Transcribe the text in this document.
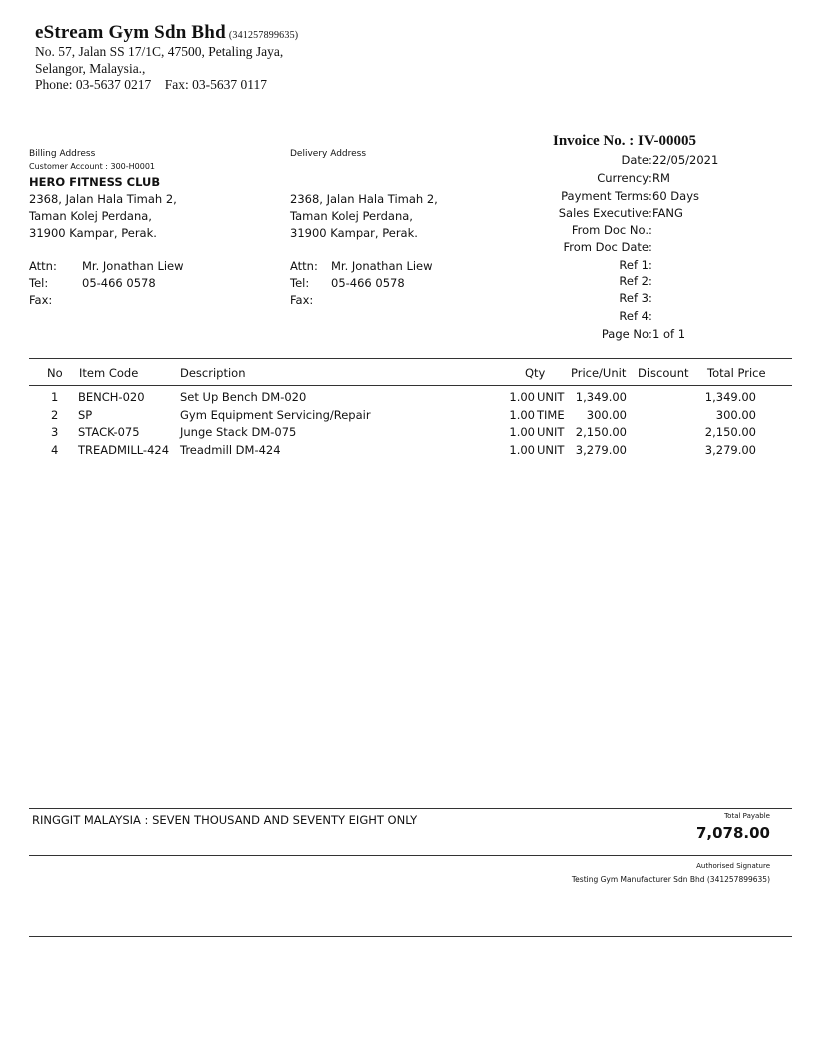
eStream Gym Sdn Bhd (341257899635)
No. 57, Jalan SS 17/1C, 47500, Petaling Jaya,
Selangor, Malaysia.,
Phone: 03-5637 0217    Fax: 03-5637 0117
Billing Address
Customer Account : 300-H0001
HERO FITNESS CLUB
2368, Jalan Hala Timah 2,
Taman Kolej Perdana,
31900 Kampar, Perak.
Attn: Mr. Jonathan Liew
Tel:	05-466 0578
Fax:
Delivery Address
2368, Jalan Hala Timah 2,
Taman Kolej Perdana,
31900 Kampar, Perak.
Attn: Mr. Jonathan Liew
Tel: 05-466 0578
Fax:
Invoice No. : IV-00005
Date : 22/05/2021
Currency : RM
Payment Terms : 60 Days
Sales Executive : FANG
From Doc No. :
From Doc Date :
Ref 1 :
Ref 2 :
Ref 3 :
Ref 4 :
Page No : 1 of 1
No Item Code	Description	Qty Price/Unit Discount Total Price
1 BENCH-020	Set Up Bench DM-020	1.00 UNIT 1,349.00	1,349.00
2 SP	Gym Equipment Servicing/Repair	1.00 TIME	300.00	300.00
3 STACK-075	Junge Stack DM-075	1.00 UNIT 2,150.00	2,150.00
4 TREADMILL-424 Treadmill DM-424	1.00 UNIT 3,279.00	3,279.00
RINGGIT MALAYSIA : SEVEN THOUSAND AND SEVENTY EIGHT ONLY	Total Payable
7,078.00
Authorised Signature
Testing Gym Manufacturer Sdn Bhd (341257899635)
